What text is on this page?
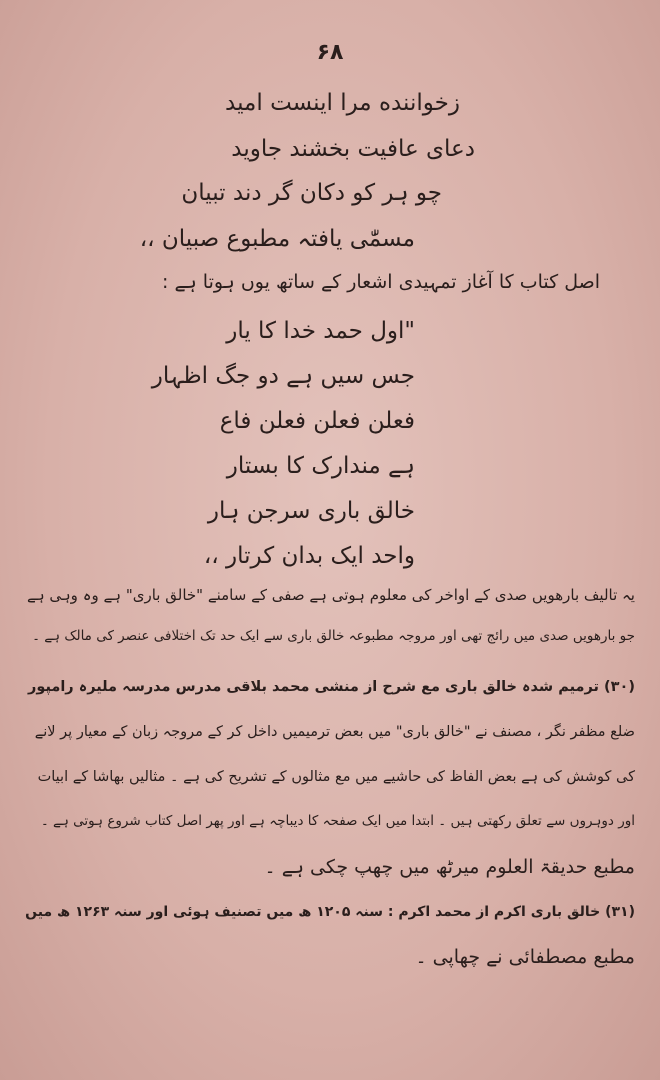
۶۸
زخواننده مرا اینست امید
دعای عافیت بخشند جاوید
چو ہر کو دکان گر دند تبیان
مسمّٰی یافتہ مطبوع صبیان ،،
اصل کتاب کا آغاز تمہیدی اشعار کے ساتھ یوں ہوتا ہے :
"اول حمد خدا کا یار
جس سیں ہے دو جگ اظہار
فعلن فعلن فعلن فاع
ہے مندارک کا بستار
خالق باری سرجن ہار
واحد ایک بدان کرتار ،،
یہ تالیف بارھویں صدی کے اواخر کی معلوم ہوتی ہے صفی کے سامنے "خالق باری" ہے وہ وہی ہے
جو بارھویں صدی میں رائج تھی اور مروجہ مطبوعہ خالق باری سے ایک حد تک اختلافی عنصر کی مالک ہے ۔
(۳۰) ترمیم شدہ خالق باری مع شرح از منشی محمد بلاقی مدرس مدرسہ ملیرہ رامپور
ضلع مظفر نگر ، مصنف نے "خالق باری" میں بعض ترمیمیں داخل کر کے مروجہ زبان کے معیار پر لانے
کی کوشش کی ہے بعض الفاظ کی حاشیے میں مع مثالوں کے تشریح کی ہے ۔ مثالیں بھاشا کے ابیات
اور دوہروں سے تعلق رکھتی ہیں ۔ ابتدا میں ایک صفحہ کا دیباچہ ہے اور پھر اصل کتاب شروع ہوتی ہے ۔
مطبع حدیقۃ العلوم میرٹھ میں چھپ چکی ہے ۔
(۳۱) خالق باری اکرم از محمد اکرم : سنہ ۱۲۰۵ ھ میں تصنیف ہوئی اور سنہ ۱۲۶۳ ھ میں
مطبع مصطفائی نے چھاپی ۔
